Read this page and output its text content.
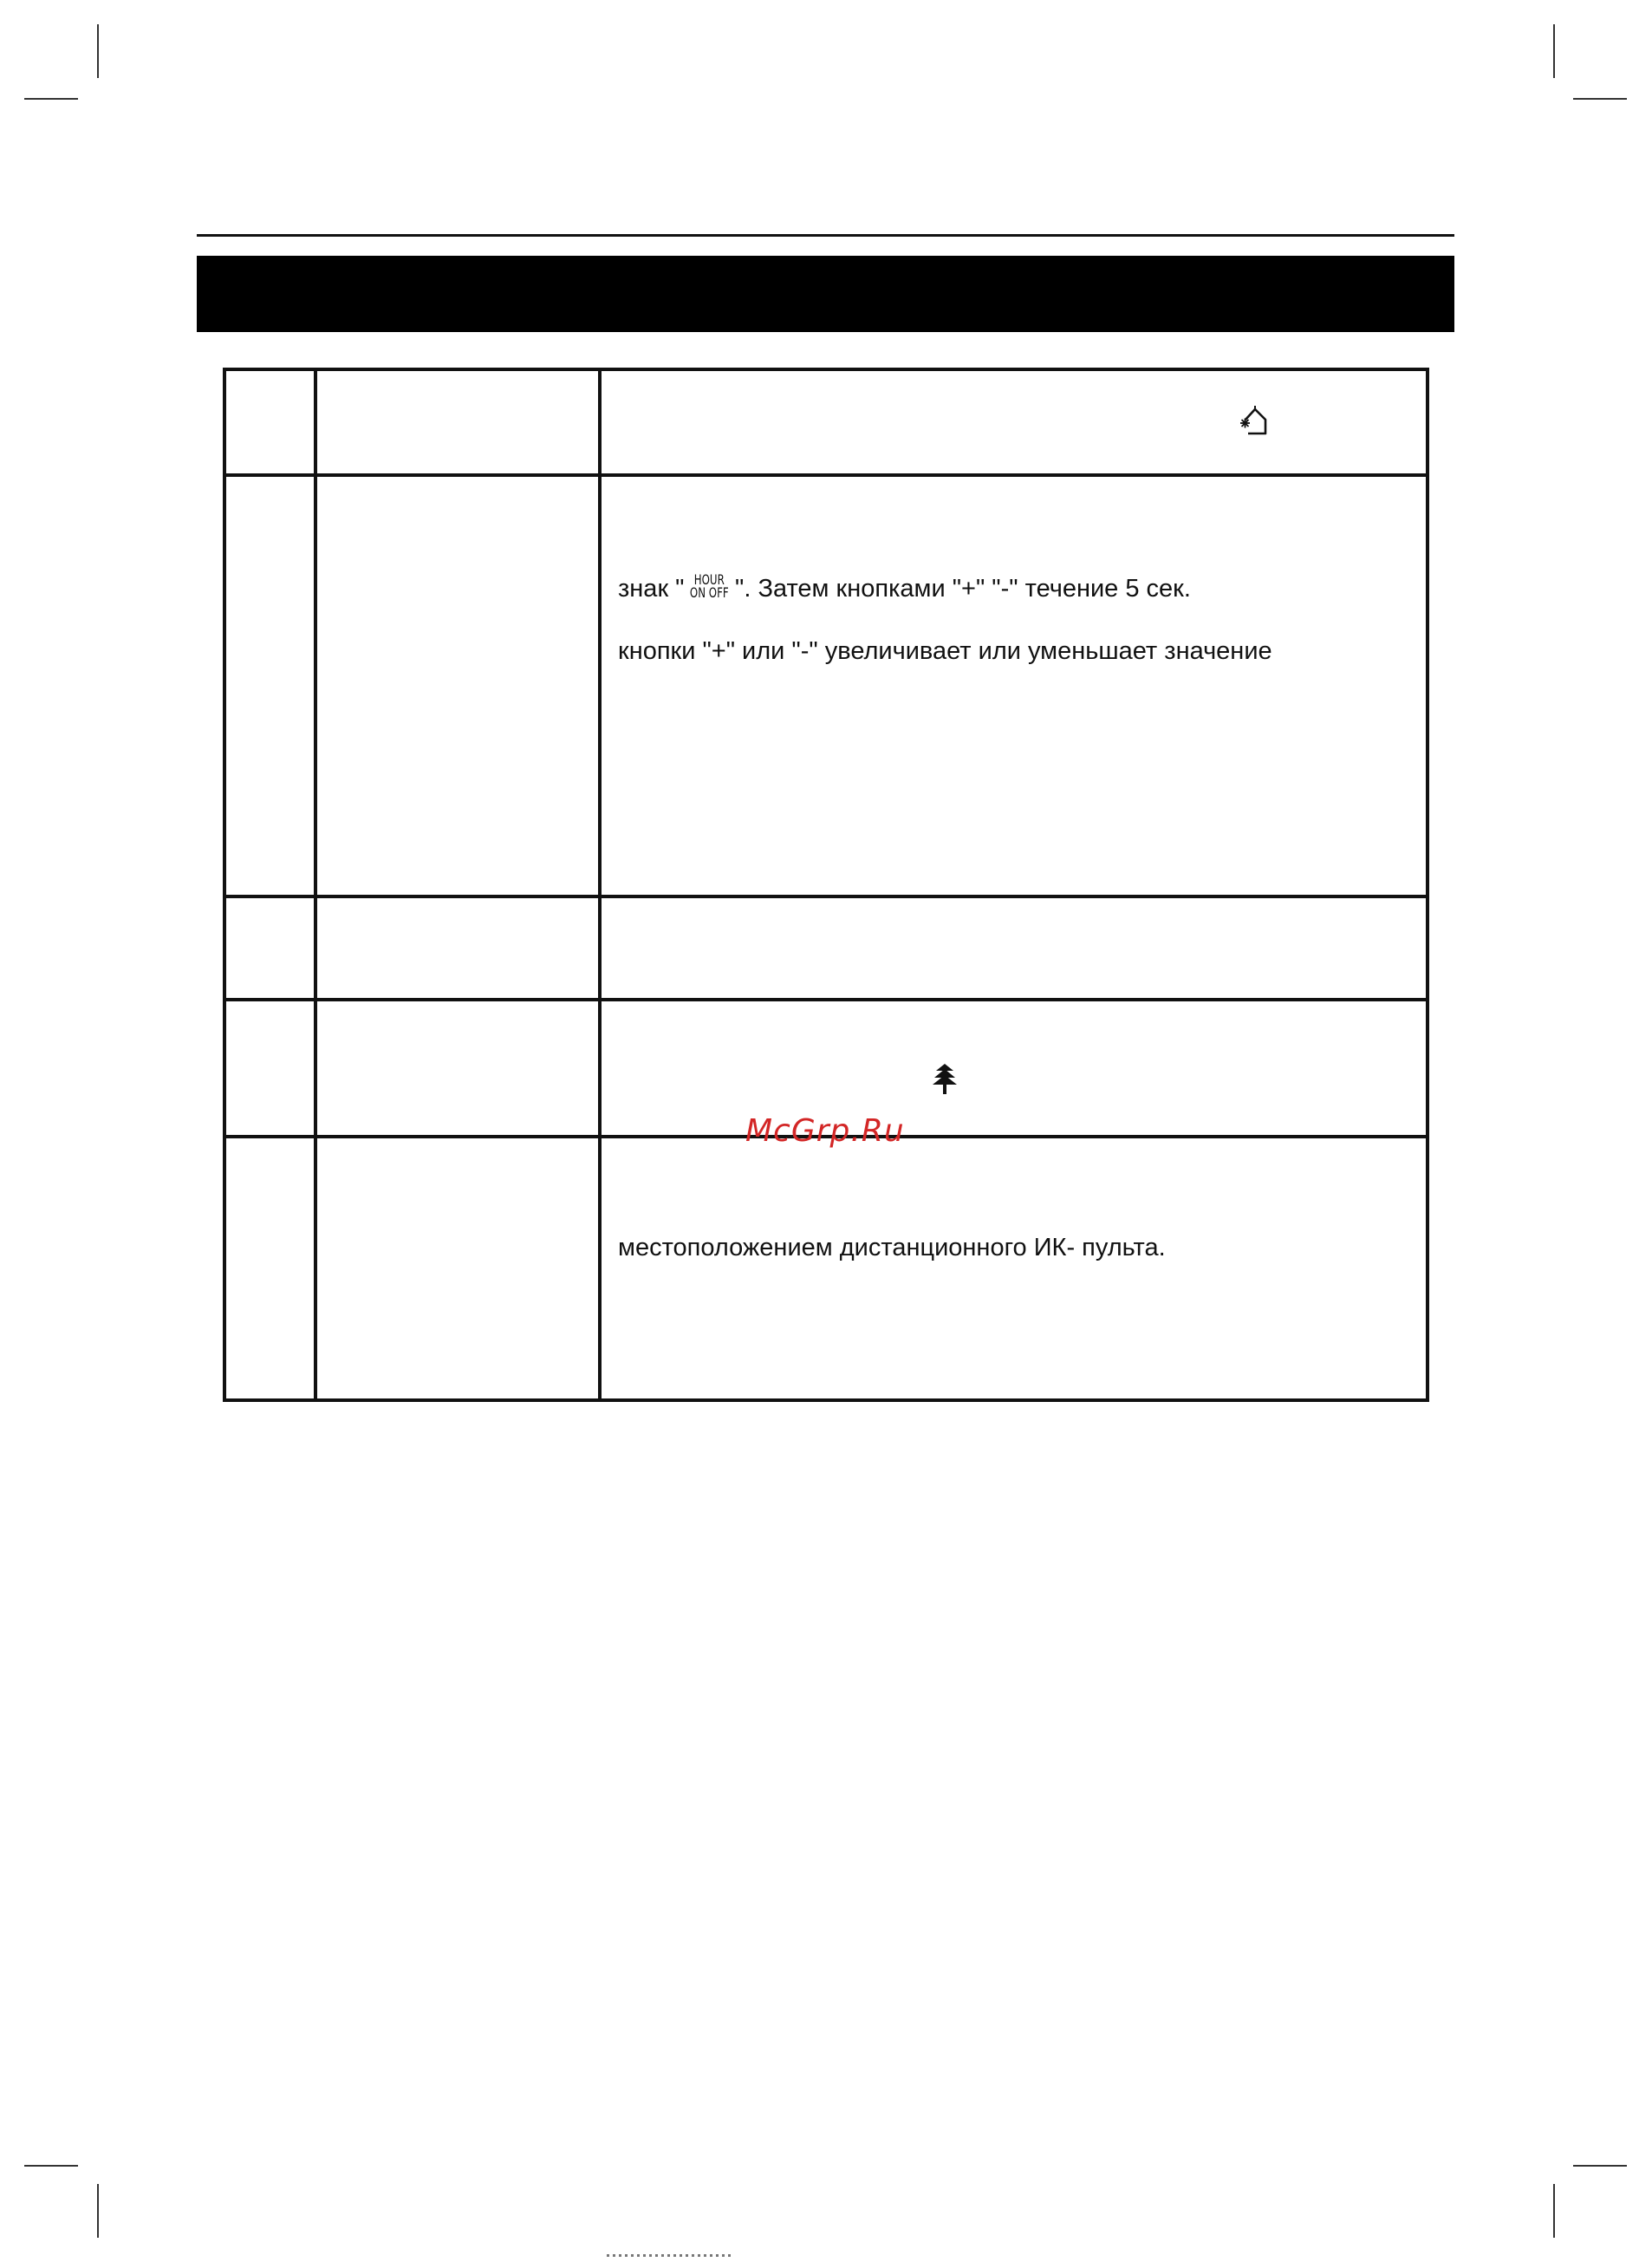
знак " HOUR
ON OFF ". Затем кнопками "+" "-" течение 5 сек.
кнопки "+" или "-" увеличивает или уменьшает значение
McGrp.Ru
местоположением дистанционного ИК- пульта.
